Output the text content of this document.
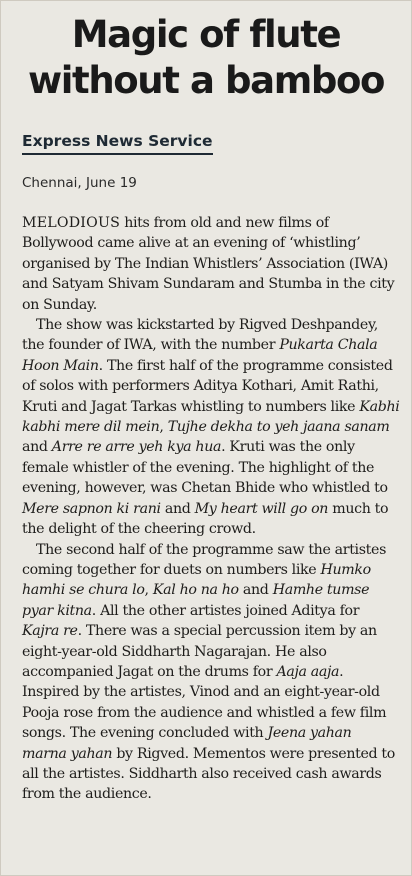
Magic of flute
without a bamboo
Express News Service
Chennai, June 19

MELODIOUS hits from old and new films of Bollywood came alive at an evening of ‘whistling’ organised by The Indian Whistlers’ Association (IWA) and Satyam Shivam Sundaram and Stumba in the city on Sunday.

The show was kickstarted by Rigved Deshpandey, the founder of IWA, with the number Pukarta Chala Hoon Main. The first half of the programme consisted of solos with performers Aditya Kothari, Amit Rathi, Kruti and Jagat Tarkas whistling to numbers like Kabhi kabhi mere dil mein, Tujhe dekha to yeh jaana sanam and Arre re arre yeh kya hua. Kruti was the only female whistler of the evening. The highlight of the evening, however, was Chetan Bhide who whistled to Mere sapnon ki rani and My heart will go on much to the delight of the cheering crowd.

The second half of the programme saw the artistes coming together for duets on numbers like Humko hamhi se chura lo, Kal ho na ho and Hamhe tumse pyar kitna. All the other artistes joined Aditya for Kajra re. There was a special percussion item by an eight-year-old Siddharth Nagarajan. He also accompanied Jagat on the drums for Aaja aaja. Inspired by the artistes, Vinod and an eight-year-old Pooja rose from the audience and whistled a few film songs. The evening concluded with Jeena yahan marna yahan by Rigved. Mementos were presented to all the artistes. Siddharth also received cash awards from the audience.
